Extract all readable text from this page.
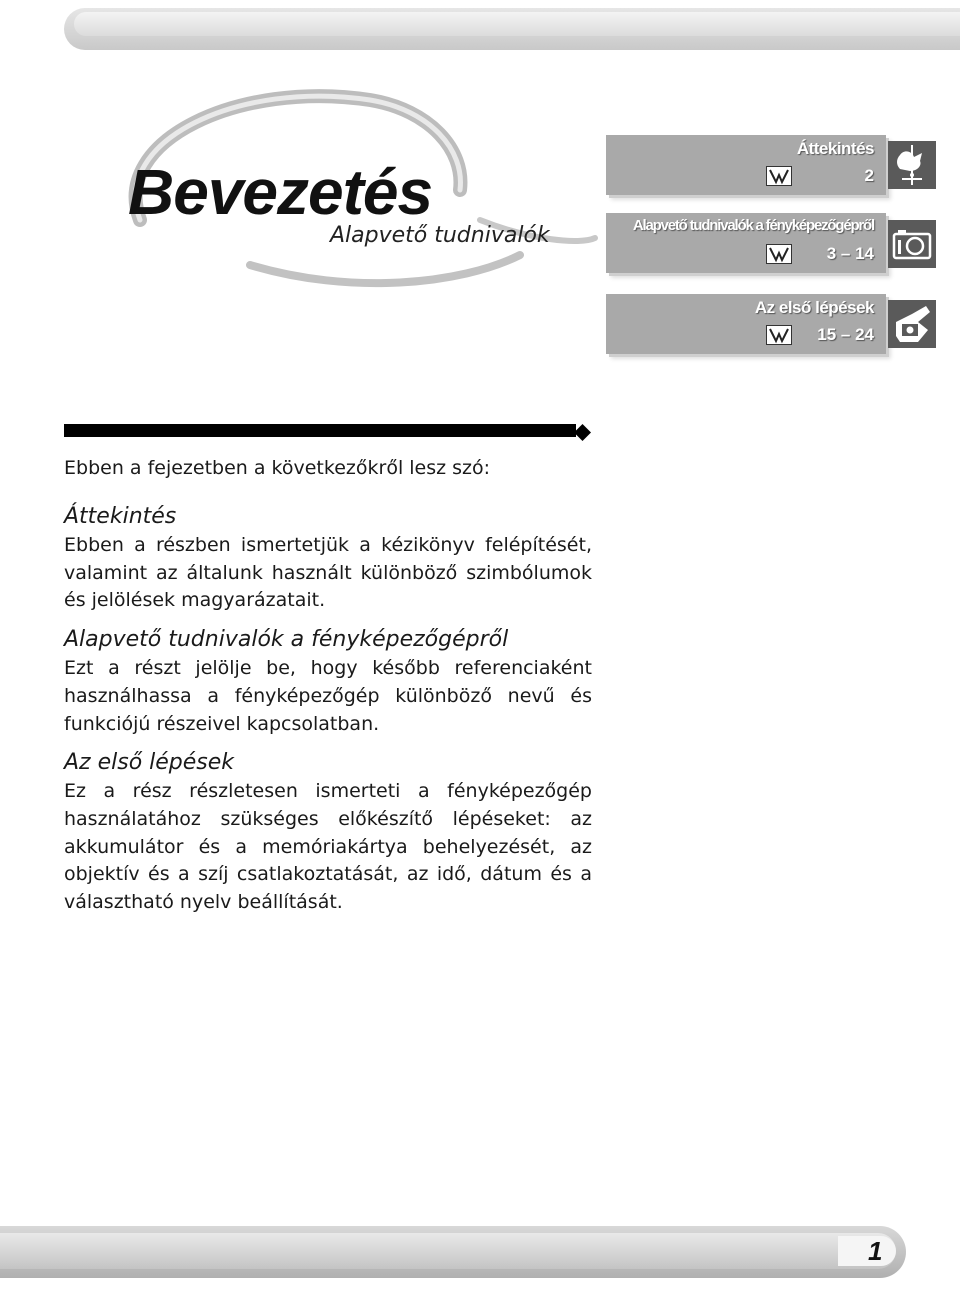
Bevezetés
Alapvető tudnivalók
Áttekintés
2
Alapvető tudnivalók a fényképezőgépről
3 – 14
Az első lépések
15 – 24

Ebben a fejezetben a következőkről lesz szó:

Áttekintés

Ebben a részben ismertetjük a kézikönyv felépítését, valamint az általunk használt különböző szimbólumok és jelölések magyarázatait.

Alapvető tudnivalók a fényképezőgépről

Ezt a részt jelölje be, hogy később referenciaként használhassa a fényképezőgép különböző nevű és funkciójú részeivel kapcsolatban.

Az első lépések

Ez a rész részletesen ismerteti a fényképezőgép használatához szükséges előkészítő lépéseket: az akkumulátor és a memóriakártya behelyezését, az objektív és a szíj csatlakoztatását, az idő, dátum és a választható nyelv beállítását.

1
